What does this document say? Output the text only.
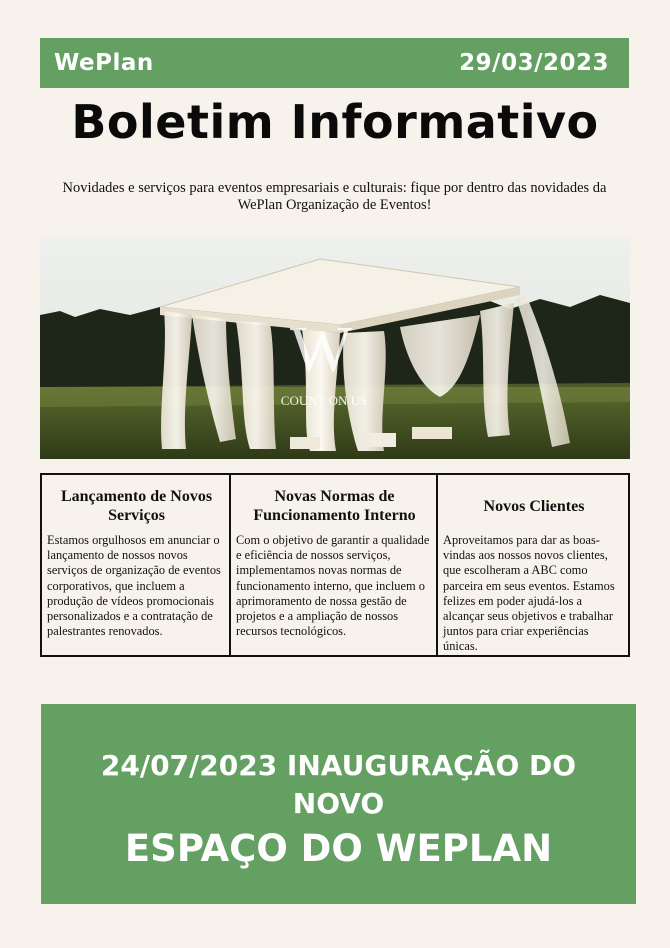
WePlan	29/03/2023
Boletim Informativo

Novidades e serviços para eventos empresariais e culturais: fique por dentro das novidades da WePlan Organização de Eventos!

W
COUNT ON US
Lançamento de Novos Serviços

Estamos orgulhosos em anunciar o lançamento de nossos novos serviços de organização de eventos corporativos, que incluem a produção de vídeos promocionais personalizados e a contratação de palestrantes renovados.

Novas Normas de Funcionamento Interno

Com o objetivo de garantir a qualidade e eficiência de nossos serviços, implementamos novas normas de funcionamento interno, que incluem o aprimoramento de nossa gestão de projetos e a ampliação de nossos recursos tecnológicos.

Novos Clientes

Aproveitamos para dar as boas-vindas aos nossos novos clientes, que escolheram a ABC como parceira em seus eventos. Estamos felizes em poder ajudá-los a alcançar seus objetivos e trabalhar juntos para criar experiências únicas.

24/07/2023 INAUGURAÇÃO DO
NOVO
ESPAÇO DO WEPLAN
